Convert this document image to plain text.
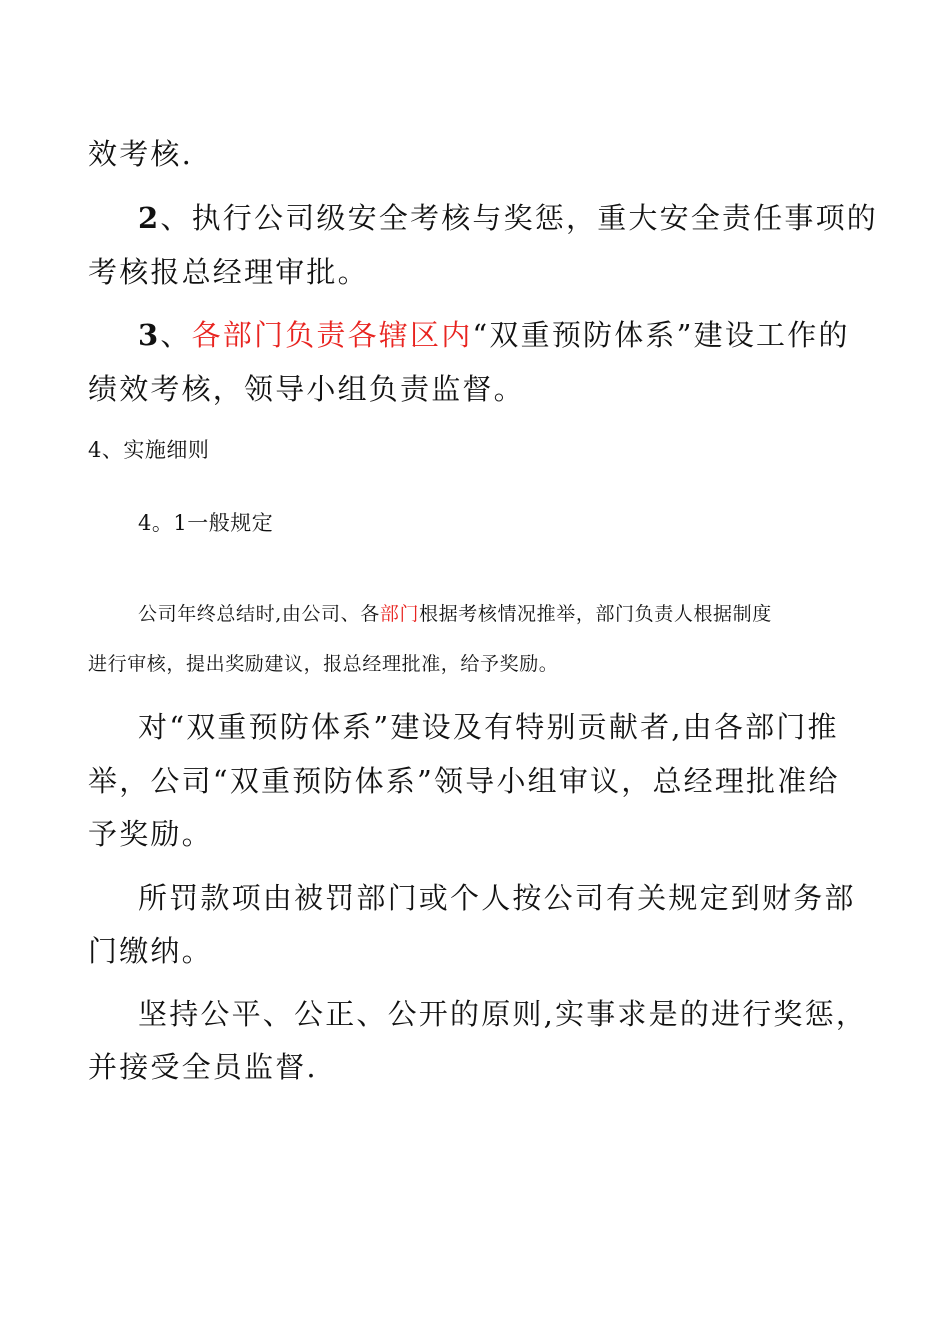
效考核.

2、执行公司级安全考核与奖惩，重大安全责任事项的

考核报总经理审批。

3、各部门负责各辖区内“双重预防体系”建设工作的

绩效考核，领导小组负责监督。

4、实施细则

4。1一般规定

公司年终总结时,由公司、各部门根据考核情况推举，部门负责人根据制度

进行审核，提出奖励建议，报总经理批准，给予奖励。

对“双重预防体系”建设及有特别贡献者,由各部门推

举，公司“双重预防体系”领导小组审议，总经理批准给

予奖励。

所罚款项由被罚部门或个人按公司有关规定到财务部

门缴纳。

坚持公平、公正、公开的原则,实事求是的进行奖惩，

并接受全员监督.
